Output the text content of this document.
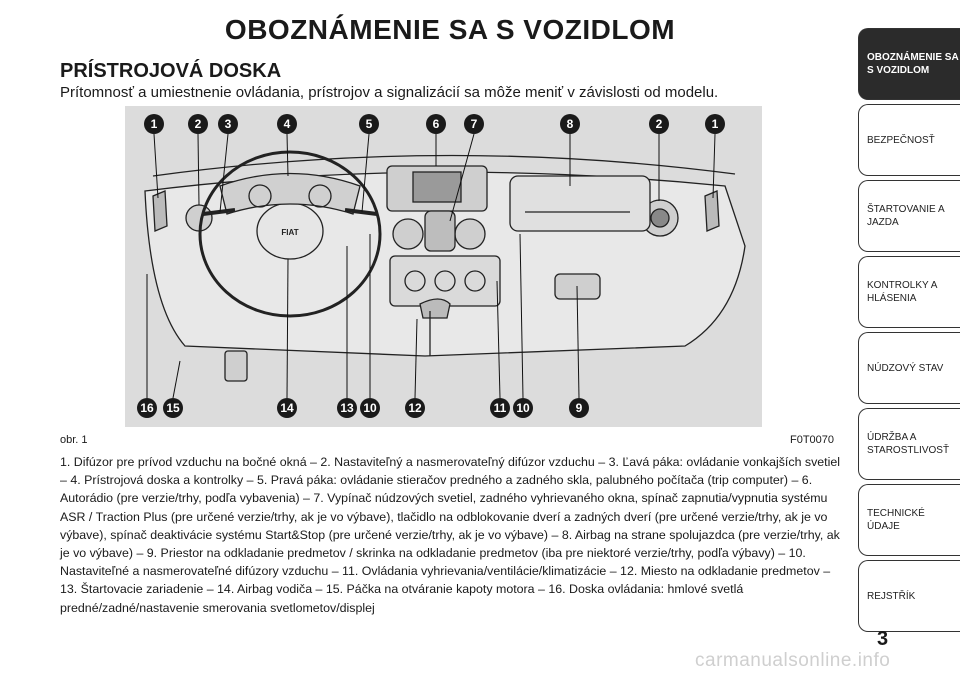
OBOZNÁMENIE SA S VOZIDLOM
PRÍSTROJOVÁ DOSKA

Prítomnosť a umiestnenie ovládania, prístrojov a signalizácií sa môže meniť v závislosti od modelu.

1	2 3	4	5	6	7	8	2	1
16 15	14	13 10	12	11 10	9
FIAT
obr. 1	F0T0070

1. Difúzor pre prívod vzduchu na bočné okná – 2. Nastaviteľný a nasmerovateľný difúzor vzduchu – 3. Ľavá páka: ovládanie vonkajších svetiel – 4. Prístrojová doska a kontrolky – 5. Pravá páka: ovládanie stieračov predného a zadného skla, palubného počítača (trip computer) – 6. Autorádio (pre verzie/trhy, podľa vybavenia) – 7. Vypínač núdzových svetiel, zadného vyhrievaného okna, spínač zapnutia/vypnutia systému ASR / Traction Plus (pre určené verzie/trhy, ak je vo výbave), tlačidlo na odblokovanie dverí a zadných dverí (pre určené verzie/trhy, ak je vo výbave), spínač deaktivácie systému Start&Stop (pre určené verzie/trhy, ak je vo výbave) – 8. Airbag na strane spolujazdca (pre verzie/trhy, ak je vo výbave) – 9. Priestor na odkladanie predmetov / skrinka na odkladanie predmetov (iba pre niektoré verzie/trhy, podľa výbavy) – 10. Nastaviteľné a nasmerovateľné difúzory vzduchu – 11. Ovládania vyhrievania/ventilácie/klimatizácie – 12. Miesto na odkladanie predmetov – 13. Štartovacie zariadenie – 14. Airbag vodiča – 15. Páčka na otváranie kapoty motora – 16. Doska ovládania: hmlové svetlá predné/zadné/nastavenie smerovania svetlometov/displej

OBOZNÁMENIE SA S VOZIDLOM
BEZPEČNOSŤ
ŠTARTOVANIE A JAZDA
KONTROLKY A HLÁSENIA
NÚDZOVÝ STAV
ÚDRŽBA A STAROSTLIVOSŤ
TECHNICKÉ ÚDAJE
REJSTŘÍK
3
carmanualsonline.info
